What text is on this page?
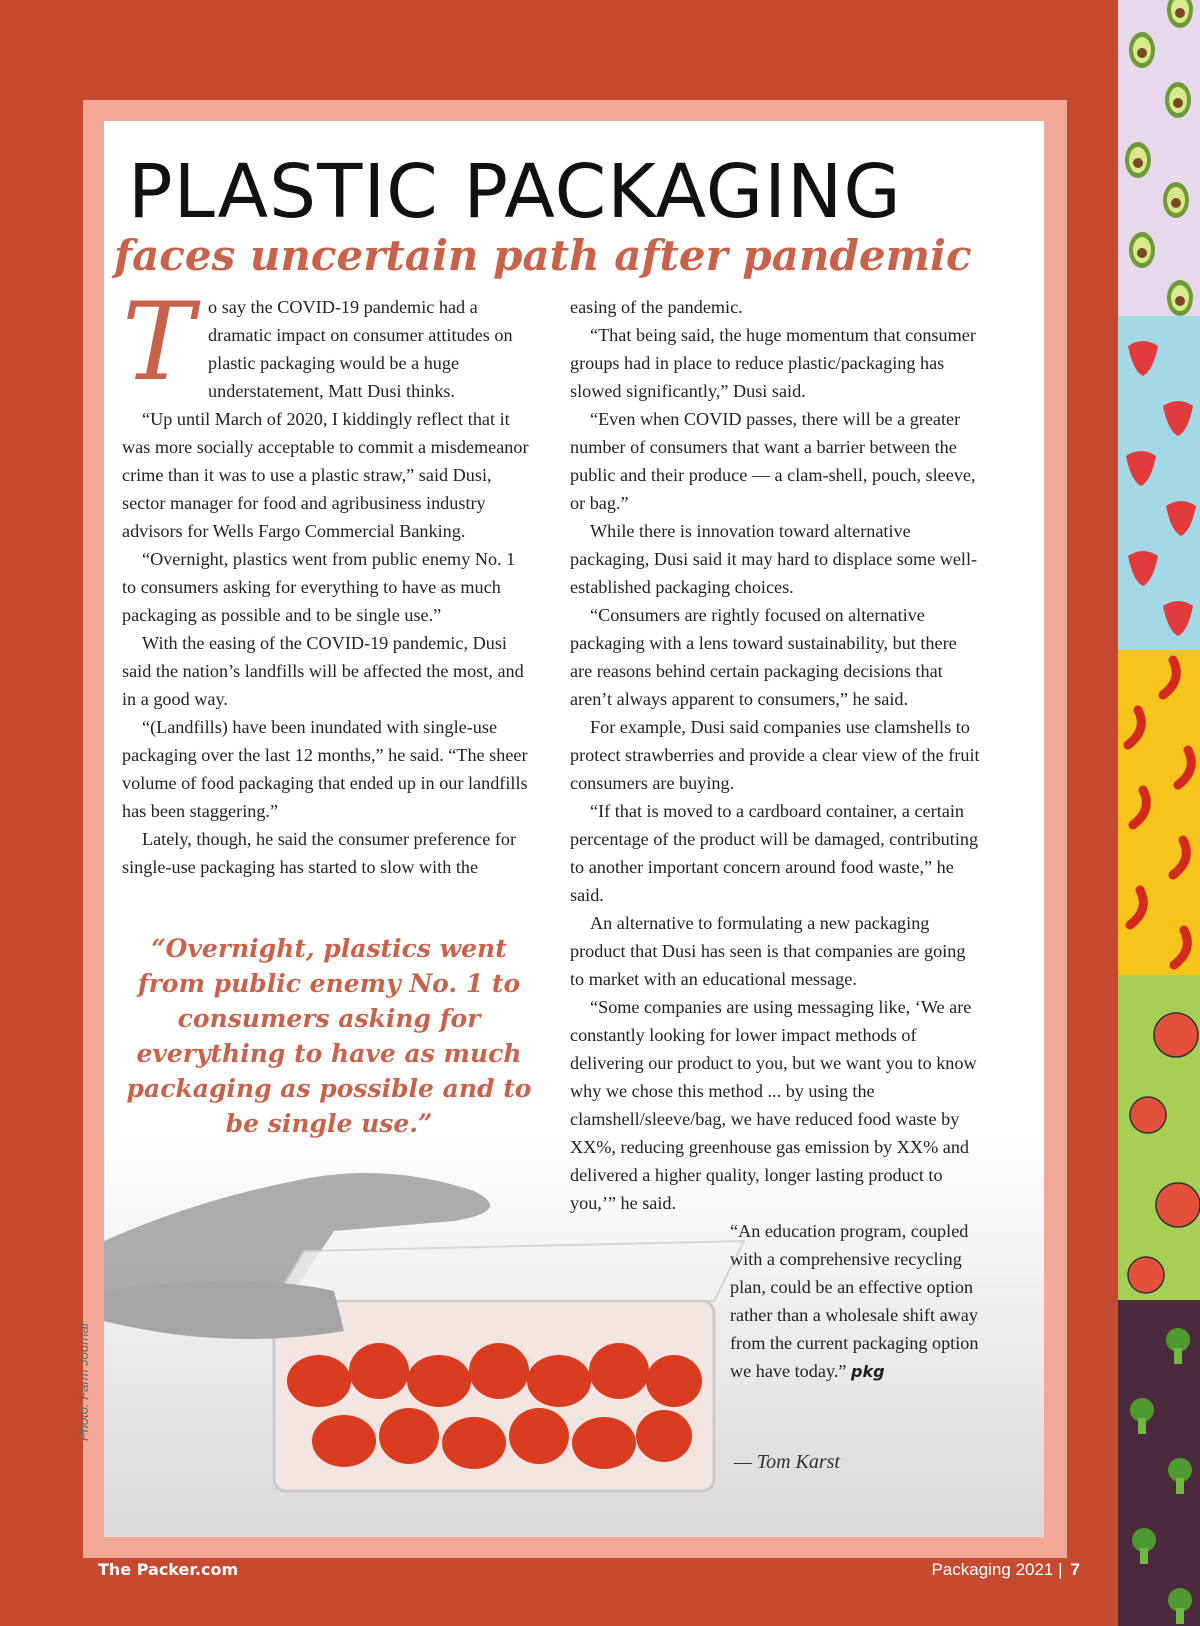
PLASTIC PACKAGING
faces uncertain path after pandemic
T o say the COVID-19 pandemic had a dramatic impact on consumer attitudes on plastic packaging would be a huge understatement, Matt Dusi thinks.

“Up until March of 2020, I kiddingly reflect that it was more socially acceptable to commit a misdemeanor crime than it was to use a plastic straw,” said Dusi, sector manager for food and agribusiness industry advisors for Wells Fargo Commercial Banking.

“Overnight, plastics went from public enemy No. 1 to consumers asking for everything to have as much packaging as possible and to be single use.”

With the easing of the COVID-19 pandemic, Dusi said the nation’s landfills will be affected the most, and in a good way.

“(Landfills) have been inundated with single-use packaging over the last 12 months,” he said. “The sheer volume of food packaging that ended up in our landfills has been staggering.”

Lately, though, he said the consumer preference for single-use packaging has started to slow with the

“Overnight, plastics went from public enemy No. 1 to consumers asking for everything to have as much packaging as possible and to be single use.”

easing of the pandemic.

“That being said, the huge momentum that consumer groups had in place to reduce plastic/packaging has slowed significantly,” Dusi said.

“Even when COVID passes, there will be a greater number of consumers that want a barrier between the public and their produce — a clam-shell, pouch, sleeve, or bag.”

While there is innovation toward alternative packaging, Dusi said it may hard to displace some well-established packaging choices.

“Consumers are rightly focused on alternative packaging with a lens toward sustainability, but there are reasons behind certain packaging decisions that aren’t always apparent to consumers,” he said.

For example, Dusi said companies use clamshells to protect strawberries and provide a clear view of the fruit consumers are buying.

“If that is moved to a cardboard container, a certain percentage of the product will be damaged, contributing to another important concern around food waste,” he said.

An alternative to formulating a new packaging product that Dusi has seen is that companies are going to market with an educational message.

“Some companies are using messaging like, ‘We are constantly looking for lower impact methods of delivering our product to you, but we want you to know why we chose this method ... by using the clamshell/sleeve/bag, we have reduced food waste by XX%, reducing greenhouse gas emission by XX% and delivered a higher quality, longer lasting product to you,’” he said.

“An education program, coupled with a comprehensive recycling plan, could be an effective option rather than a wholesale shift away from the current packaging option we have today.” pkg

— Tom Karst
Photo: Farm Journal
The Packer.com	Packaging 2021 | 7
